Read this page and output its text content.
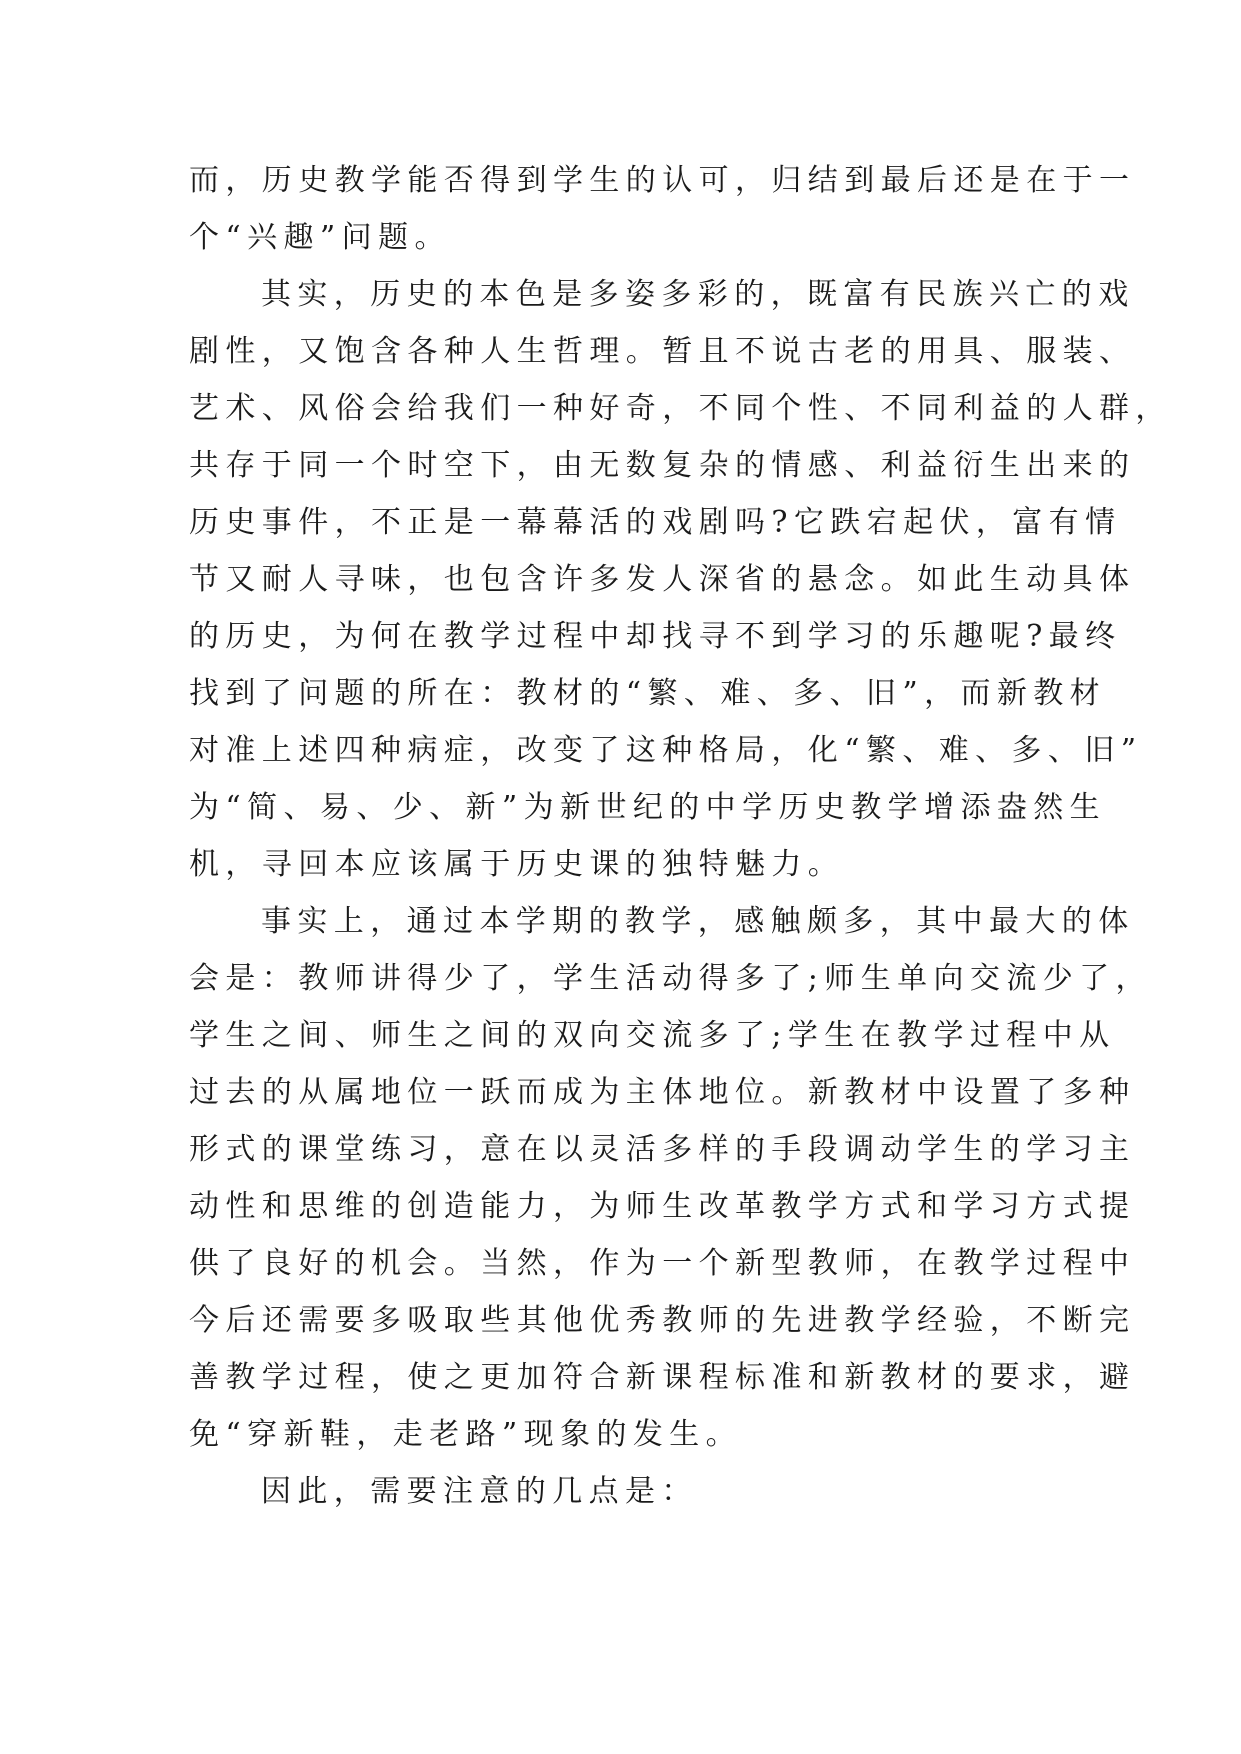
而，历史教学能否得到学生的认可，归结到最后还是在于一
个“兴趣”问题。
其实，历史的本色是多姿多彩的，既富有民族兴亡的戏
剧性，又饱含各种人生哲理。暂且不说古老的用具、服装、
艺术、风俗会给我们一种好奇，不同个性、不同利益的人群，
共存于同一个时空下，由无数复杂的情感、利益衍生出来的
历史事件，不正是一幕幕活的戏剧吗?它跌宕起伏，富有情
节又耐人寻味，也包含许多发人深省的悬念。如此生动具体
的历史，为何在教学过程中却找寻不到学习的乐趣呢?最终
找到了问题的所在：教材的“繁、难、多、旧”，而新教材
对准上述四种病症，改变了这种格局，化“繁、难、多、旧”
为“简、易、少、新”为新世纪的中学历史教学增添盎然生
机，寻回本应该属于历史课的独特魅力。
事实上，通过本学期的教学，感触颇多，其中最大的体
会是：教师讲得少了，学生活动得多了;师生单向交流少了，
学生之间、师生之间的双向交流多了;学生在教学过程中从
过去的从属地位一跃而成为主体地位。新教材中设置了多种
形式的课堂练习，意在以灵活多样的手段调动学生的学习主
动性和思维的创造能力，为师生改革教学方式和学习方式提
供了良好的机会。当然，作为一个新型教师，在教学过程中
今后还需要多吸取些其他优秀教师的先进教学经验，不断完
善教学过程，使之更加符合新课程标准和新教材的要求，避
免“穿新鞋，走老路”现象的发生。
因此，需要注意的几点是：
